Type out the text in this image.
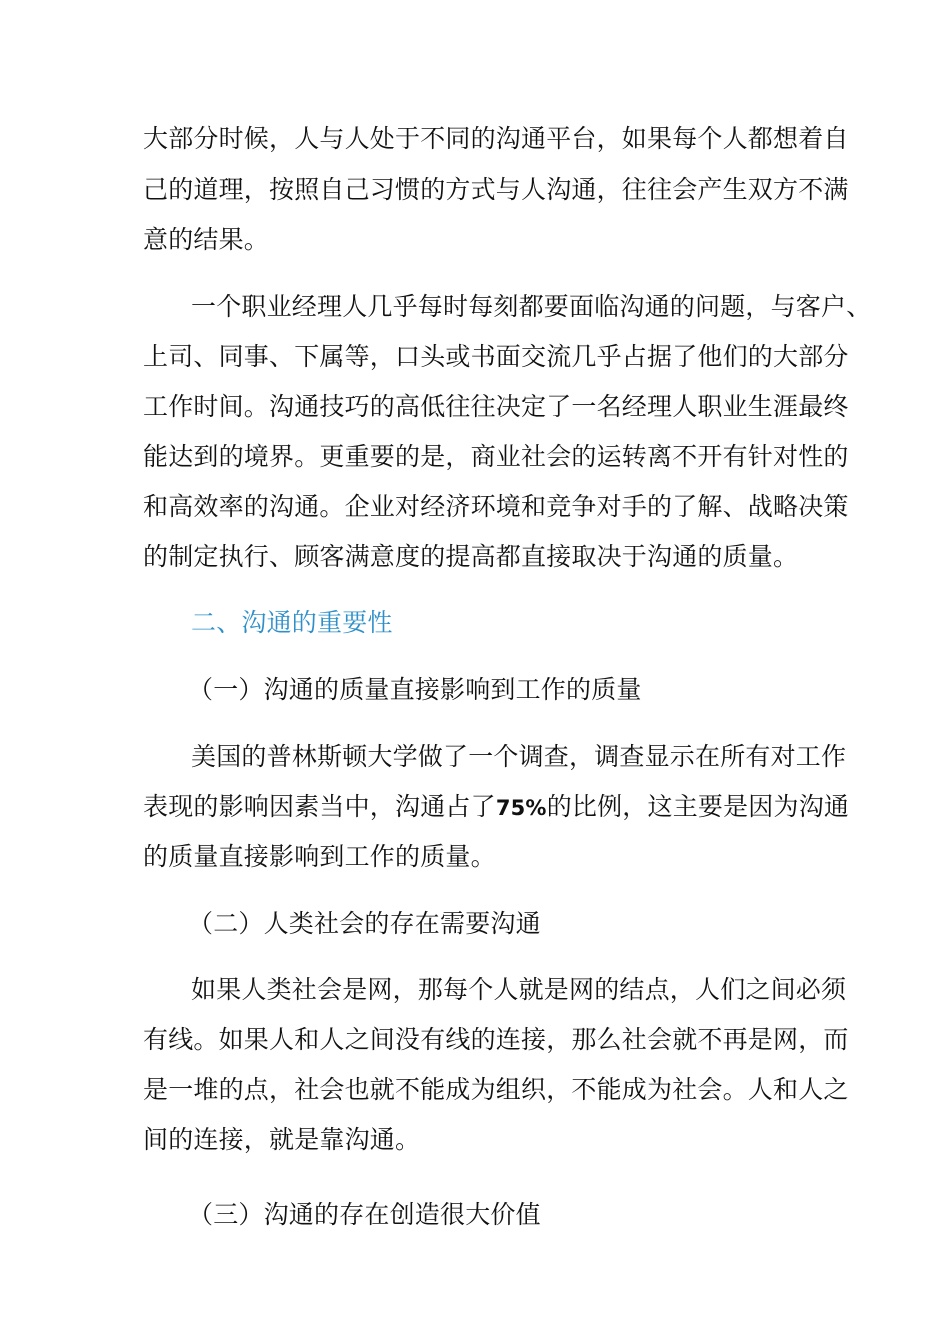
大部分时候，人与人处于不同的沟通平台，如果每个人都想着自
己的道理，按照自己习惯的方式与人沟通，往往会产生双方不满
意的结果。
一个职业经理人几乎每时每刻都要面临沟通的问题，与客户、
上司、同事、下属等，口头或书面交流几乎占据了他们的大部分
工作时间。沟通技巧的高低往往决定了一名经理人职业生涯最终
能达到的境界。更重要的是，商业社会的运转离不开有针对性的
和高效率的沟通。企业对经济环境和竞争对手的了解、战略决策
的制定执行、顾客满意度的提高都直接取决于沟通的质量。
二、沟通的重要性
（一）沟通的质量直接影响到工作的质量
美国的普林斯顿大学做了一个调查，调查显示在所有对工作
表现的影响因素当中，沟通占了75%的比例，这主要是因为沟通
的质量直接影响到工作的质量。
（二）人类社会的存在需要沟通
如果人类社会是网，那每个人就是网的结点，人们之间必须
有线。如果人和人之间没有线的连接，那么社会就不再是网，而
是一堆的点，社会也就不能成为组织，不能成为社会。人和人之
间的连接，就是靠沟通。
（三）沟通的存在创造很大价值
